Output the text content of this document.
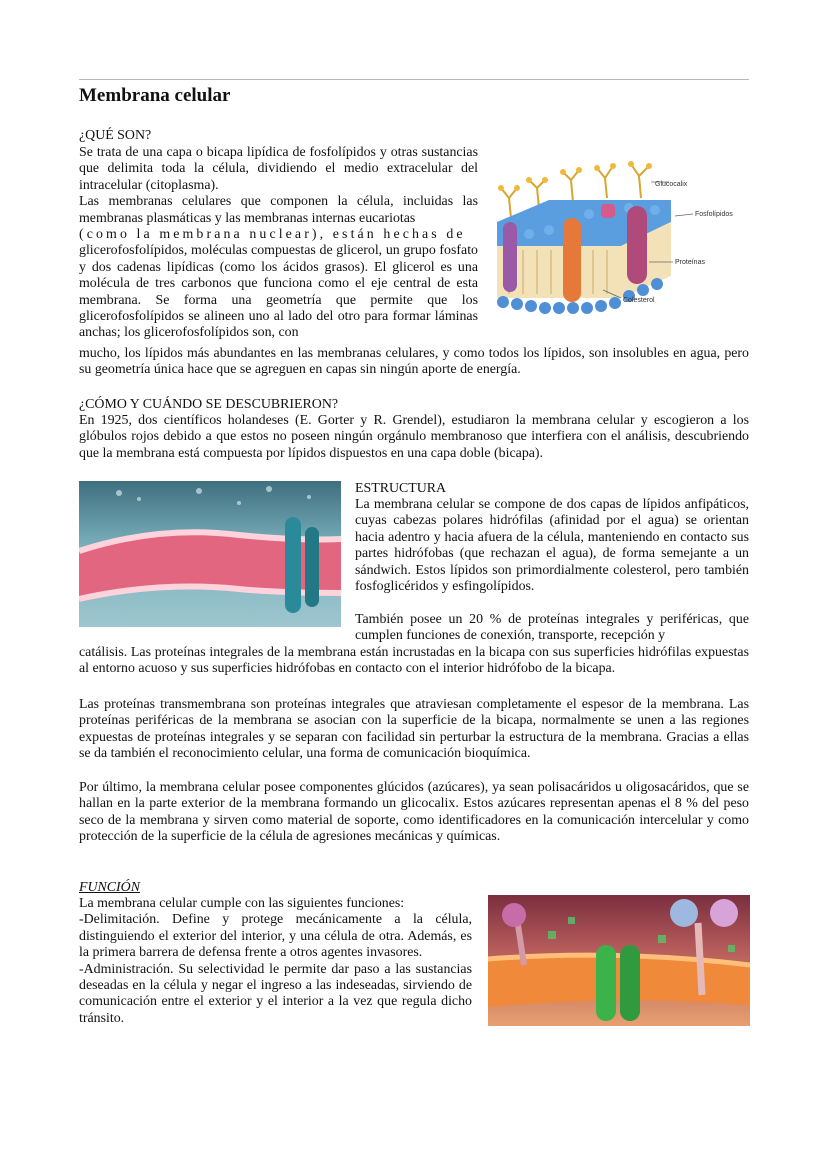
Membrana celular
¿QUÉ SON?

Se trata de una capa o bicapa lipídica de fosfolípidos y otras sustancias que delimita toda la célula, dividiendo el medio extracelular del intracelular (citoplasma).

Las membranas celulares que componen la célula, incluidas las membranas plasmáticas y las membranas internas eucariotas

(como la membrana nuclear), están hechas de

glicerofosfolípidos, moléculas compuestas de glicerol, un grupo fosfato y dos cadenas lipídicas (como los ácidos grasos). El glicerol es una molécula de tres carbonos que funciona como el eje central de esta membrana. Se forma una geometría que permite que los glicerofosfolípidos se alineen uno al lado del otro para formar láminas anchas; los glicerofosfolípidos son, con

mucho, los lípidos más abundantes en las membranas celulares, y como todos los lípidos, son insolubles en agua, pero su geometría única hace que se agreguen en capas sin ningún aporte de energía.

Glucocalix
Fosfolípidos
Proteínas
Colesterol
¿CÓMO Y CUÁNDO SE DESCUBRIERON?

En 1925, dos científicos holandeses (E. Gorter y R. Grendel), estudiaron la membrana celular y escogieron a los glóbulos rojos debido a que estos no poseen ningún orgánulo membranoso que interfiera con el análisis, descubriendo que la membrana está compuesta por lípidos dispuestos en una capa doble (bicapa).

ESTRUCTURA

La membrana celular se compone de dos capas de lípidos anfipáticos, cuyas cabezas polares hidrófilas (afinidad por el agua) se orientan hacia adentro y hacia afuera de la célula, manteniendo en contacto sus partes hidrófobas (que rechazan el agua), de forma semejante a un sándwich. Estos lípidos son primordialmente colesterol, pero también fosfoglicéridos y esfingolípidos.

También posee un 20 % de proteínas integrales y periféricas, que cumplen funciones de conexión, transporte, recepción y

catálisis. Las proteínas integrales de la membrana están incrustadas en la bicapa con sus superficies hidrófilas expuestas al entorno acuoso y sus superficies hidrófobas en contacto con el interior hidrófobo de la bicapa.

Las proteínas transmembrana son proteínas integrales que atraviesan completamente el espesor de la membrana. Las proteínas periféricas de la membrana se asocian con la superficie de la bicapa, normalmente se unen a las regiones expuestas de proteínas integrales y se separan con facilidad sin perturbar la estructura de la membrana. Gracias a ellas se da también el reconocimiento celular, una forma de comunicación bioquímica.

Por último, la membrana celular posee componentes glúcidos (azúcares), ya sean polisacáridos u oligosacáridos, que se hallan en la parte exterior de la membrana formando un glicocalix. Estos azúcares representan apenas el 8 % del peso seco de la membrana y sirven como material de soporte, como identificadores en la comunicación intercelular y como protección de la superficie de la célula de agresiones mecánicas y químicas.

FUNCIÓN

La membrana celular cumple con las siguientes funciones:

-Delimitación. Define y protege mecánicamente a la célula, distinguiendo el exterior del interior, y una célula de otra. Además, es la primera barrera de defensa frente a otros agentes invasores.

-Administración. Su selectividad le permite dar paso a las sustancias deseadas en la célula y negar el ingreso a las indeseadas, sirviendo de comunicación entre el exterior y el interior a la vez que regula dicho tránsito.
